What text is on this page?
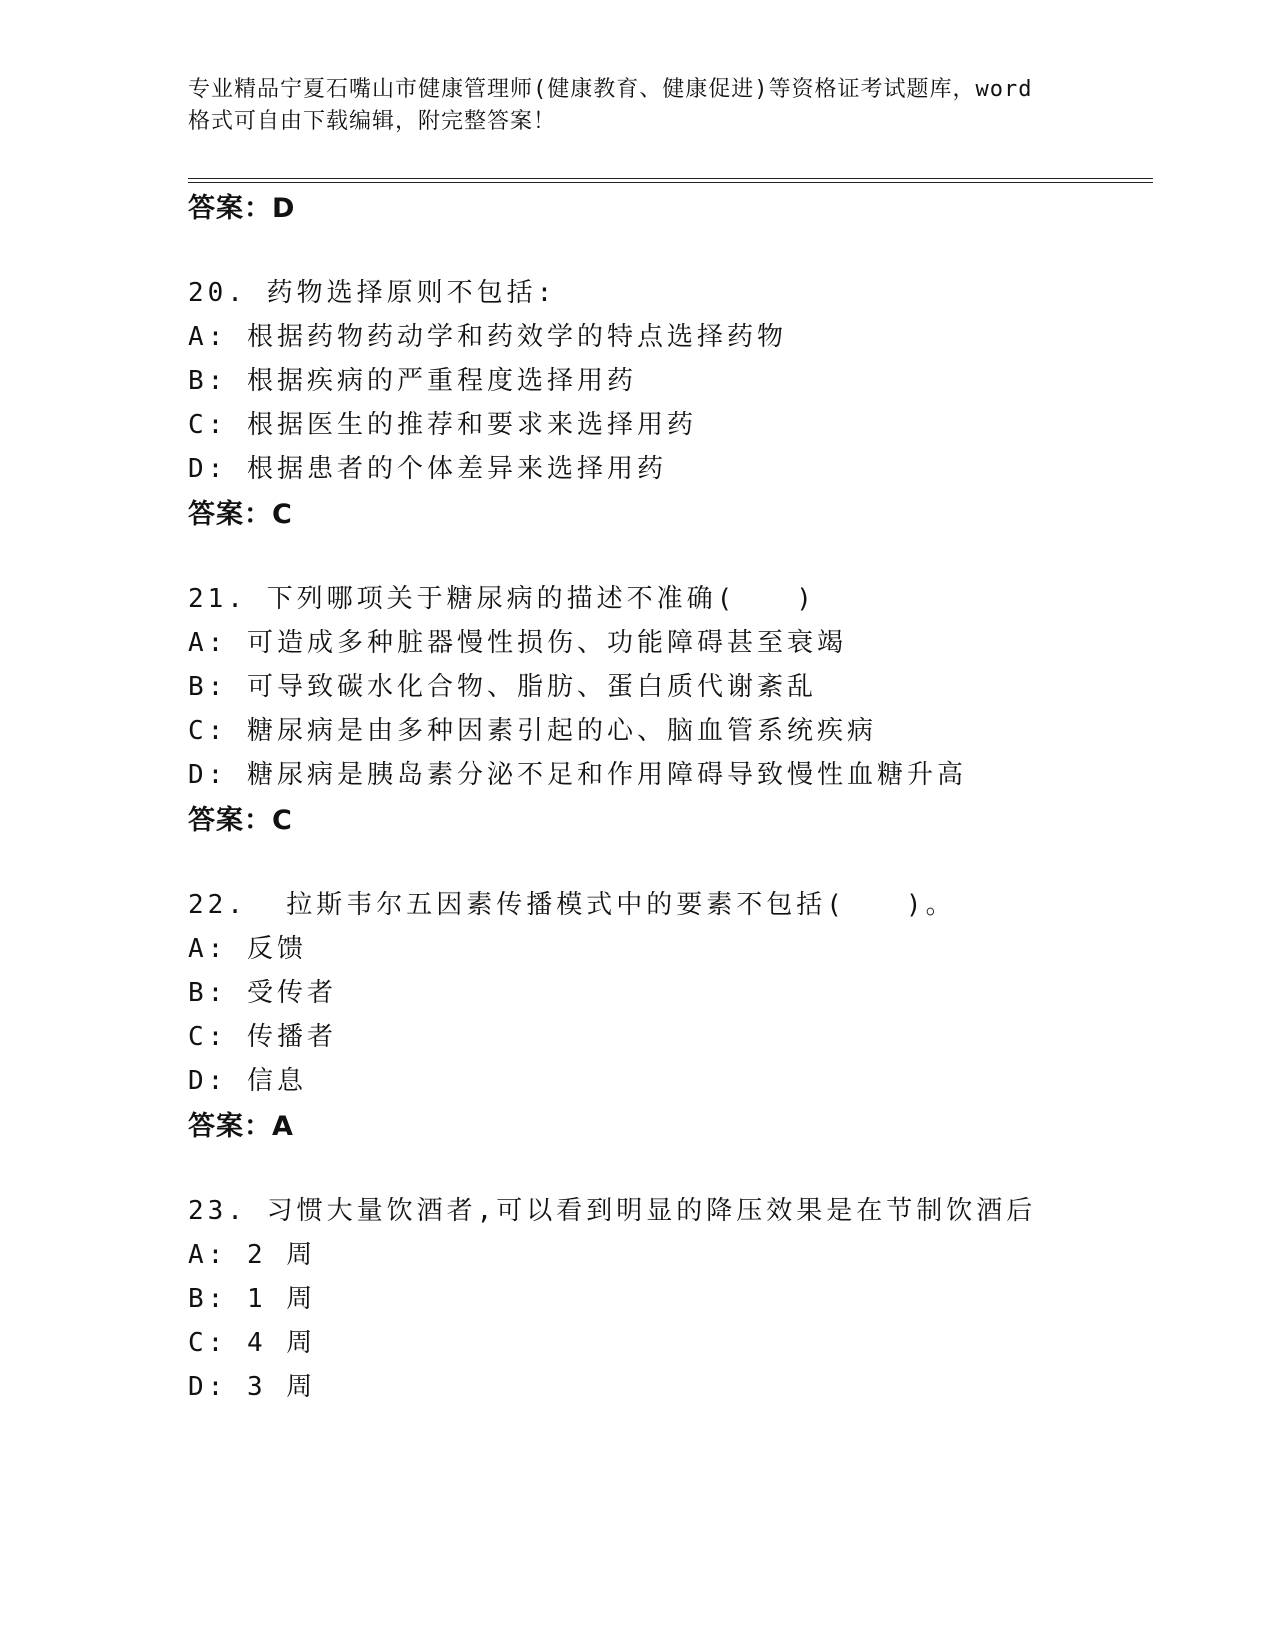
专业精品宁夏石嘴山市健康管理师(健康教育、健康促进)等资格证考试题库，word
格式可自由下载编辑，附完整答案！
答案：D
20. 药物选择原则不包括:
A: 根据药物药动学和药效学的特点选择药物
B: 根据疾病的严重程度选择用药
C: 根据医生的推荐和要求来选择用药
D: 根据患者的个体差异来选择用药
答案：C
21. 下列哪项关于糖尿病的描述不准确(　　)
A: 可造成多种脏器慢性损伤、功能障碍甚至衰竭
B: 可导致碳水化合物、脂肪、蛋白质代谢紊乱
C: 糖尿病是由多种因素引起的心、脑血管系统疾病
D: 糖尿病是胰岛素分泌不足和作用障碍导致慢性血糖升高
答案：C
22.  拉斯韦尔五因素传播模式中的要素不包括(　　)。
A: 反馈
B: 受传者
C: 传播者
D: 信息
答案：A
23. 习惯大量饮酒者,可以看到明显的降压效果是在节制饮酒后
A: 2 周
B: 1 周
C: 4 周
D: 3 周
